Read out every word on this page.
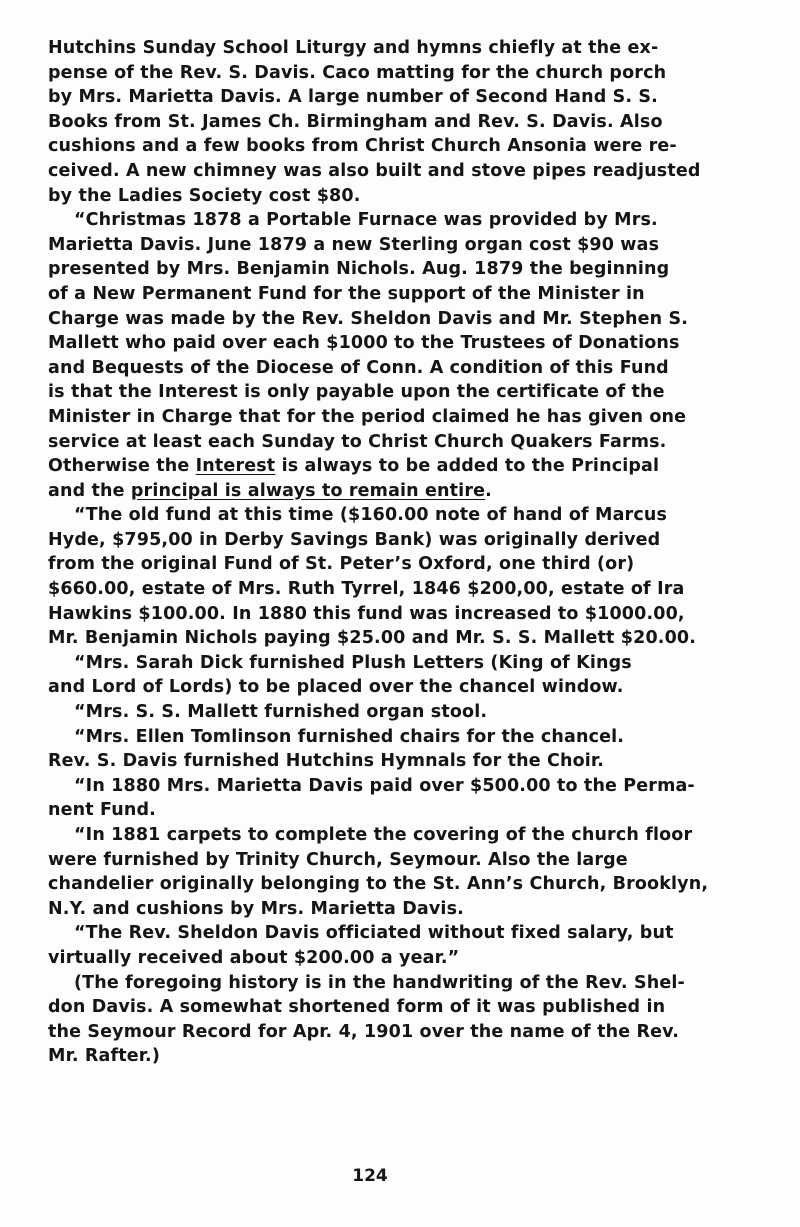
Hutchins Sunday School Liturgy and hymns chiefly at the ex-
pense of the Rev. S. Davis. Caco matting for the church porch
by Mrs. Marietta Davis. A large number of Second Hand S. S.
Books from St. James Ch. Birmingham and Rev. S. Davis. Also
cushions and a few books from Christ Church Ansonia were re-
ceived. A new chimney was also built and stove pipes readjusted
by the Ladies Society cost $80.
“Christmas 1878 a Portable Furnace was provided by Mrs.
Marietta Davis. June 1879 a new Sterling organ cost $90 was
presented by Mrs. Benjamin Nichols. Aug. 1879 the beginning
of a New Permanent Fund for the support of the Minister in
Charge was made by the Rev. Sheldon Davis and Mr. Stephen S.
Mallett who paid over each $1000 to the Trustees of Donations
and Bequests of the Diocese of Conn. A condition of this Fund
is that the Interest is only payable upon the certificate of the
Minister in Charge that for the period claimed he has given one
service at least each Sunday to Christ Church Quakers Farms.
Otherwise the Interest is always to be added to the Principal
and the principal is always to remain entire.
“The old fund at this time ($160.00 note of hand of Marcus
Hyde, $795,00 in Derby Savings Bank) was originally derived
from the original Fund of St. Peter’s Oxford, one third (or)
$660.00, estate of Mrs. Ruth Tyrrel, 1846 $200,00, estate of Ira
Hawkins $100.00. In 1880 this fund was increased to $1000.00,
Mr. Benjamin Nichols paying $25.00 and Mr. S. S. Mallett $20.00.
“Mrs. Sarah Dick furnished Plush Letters (King of Kings
and Lord of Lords) to be placed over the chancel window.
“Mrs. S. S. Mallett furnished organ stool.
“Mrs. Ellen Tomlinson furnished chairs for the chancel.
Rev. S. Davis furnished Hutchins Hymnals for the Choir.
“In 1880 Mrs. Marietta Davis paid over $500.00 to the Perma-
nent Fund.
“In 1881 carpets to complete the covering of the church floor
were furnished by Trinity Church, Seymour. Also the large
chandelier originally belonging to the St. Ann’s Church, Brooklyn,
N.Y. and cushions by Mrs. Marietta Davis.
“The Rev. Sheldon Davis officiated without fixed salary, but
virtually received about $200.00 a year.”
(The foregoing history is in the handwriting of the Rev. Shel-
don Davis. A somewhat shortened form of it was published in
the Seymour Record for Apr. 4, 1901 over the name of the Rev.
Mr. Rafter.)
124
